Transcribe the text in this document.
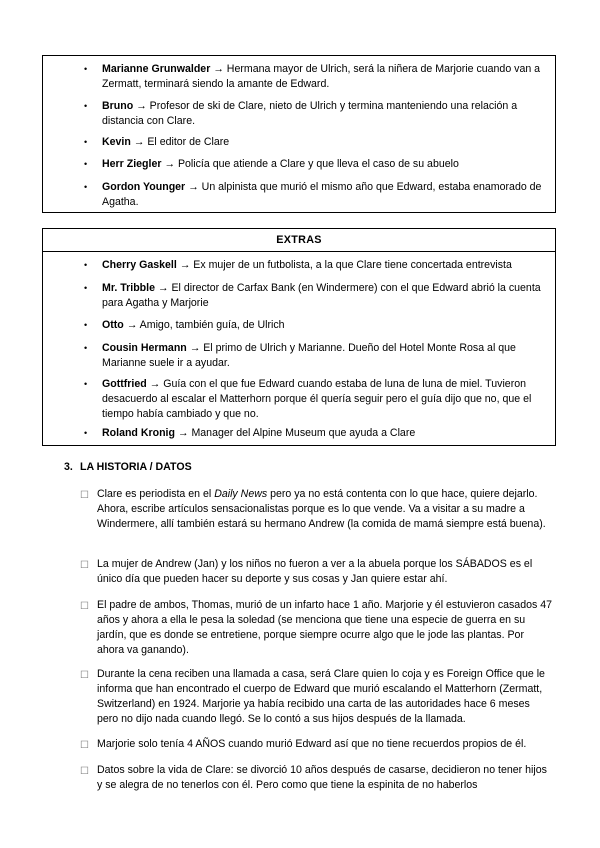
•	Marianne Grunwalder → Hermana mayor de Ulrich, será la niñera de Marjorie cuando van a Zermatt, terminará siendo la amante de Edward.
•	Bruno → Profesor de ski de Clare, nieto de Ulrich y termina manteniendo una relación a distancia con Clare.
•	Kevin → El editor de Clare
•	Herr Ziegler → Policía que atiende a Clare y que lleva el caso de su abuelo
•	Gordon Younger → Un alpinista que murió el mismo año que Edward, estaba enamorado de Agatha.
EXTRAS
•	Cherry Gaskell → Ex mujer de un futbolista, a la que Clare tiene concertada entrevista
•	Mr. Tribble → El director de Carfax Bank (en Windermere) con el que Edward abrió la cuenta para Agatha y Marjorie
•	Otto → Amigo, también guía, de Ulrich
•	Cousin Hermann → El primo de Ulrich y Marianne. Dueño del Hotel Monte Rosa al que Marianne suele ir a ayudar.
•	Gottfried → Guía con el que fue Edward cuando estaba de luna de luna de miel. Tuvieron desacuerdo al escalar el Matterhorn porque él quería seguir pero el guía dijo que no, que el tiempo había cambiado y que no.
•	Roland Kronig → Manager del Alpine Museum que ayuda a Clare
3. LA HISTORIA / DATOS
☐ Clare es periodista en el Daily News pero ya no está contenta con lo que hace, quiere dejarlo. Ahora, escribe artículos sensacionalistas porque es lo que vende. Va a visitar a su madre a Windermere, allí también estará su hermano Andrew (la comida de mamá siempre está buena).
☐ La mujer de Andrew (Jan) y los niños no fueron a ver a la abuela porque los SÁBADOS es el único día que pueden hacer su deporte y sus cosas y Jan quiere estar ahí.
☐ El padre de ambos, Thomas, murió de un infarto hace 1 año. Marjorie y él estuvieron casados 47 años y ahora a ella le pesa la soledad (se menciona que tiene una especie de guerra en su jardín, que es donde se entretiene, porque siempre ocurre algo que le jode las plantas. Por ahora va ganando).
☐ Durante la cena reciben una llamada a casa, será Clare quien lo coja y es Foreign Office que le informa que han encontrado el cuerpo de Edward que murió escalando el Matterhorn (Zermatt, Switzerland) en 1924. Marjorie ya había recibido una carta de las autoridades hace 6 meses pero no dijo nada cuando llegó. Se lo contó a sus hijos después de la llamada.
☐ Marjorie solo tenía 4 AÑOS cuando murió Edward así que no tiene recuerdos propios de él.
☐ Datos sobre la vida de Clare: se divorció 10 años después de casarse, decidieron no tener hijos y se alegra de no tenerlos con él. Pero como que tiene la espinita de no haberlos
